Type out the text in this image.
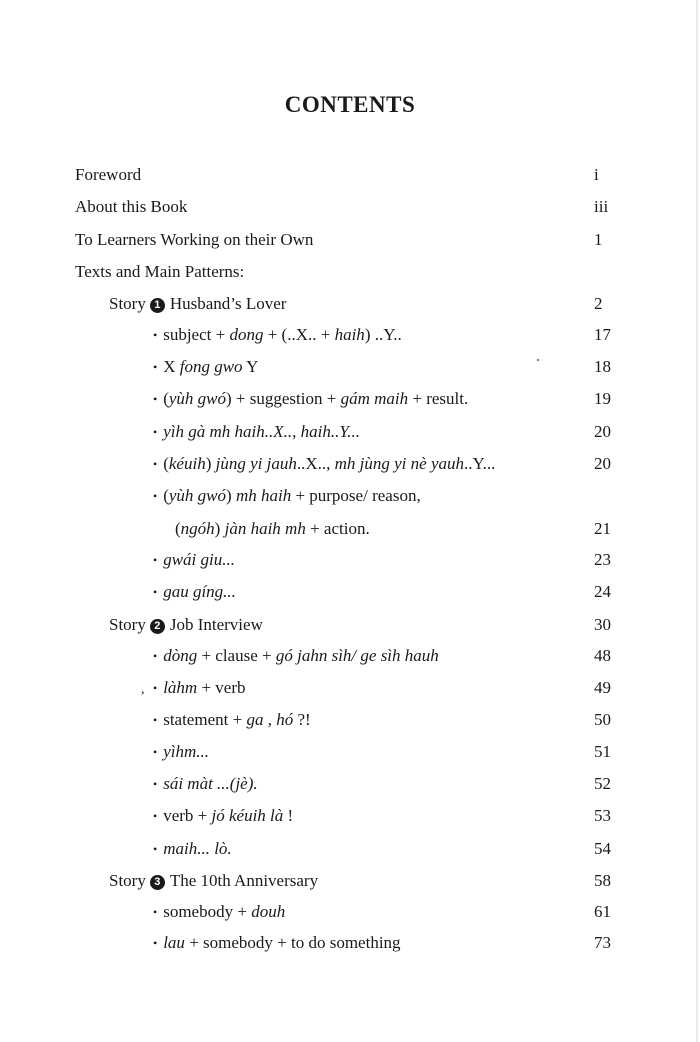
CONTENTS
Foreword	i
About this Book	iii
To Learners Working on their Own	1
Texts and Main Patterns:
Story 1 Husband’s Lover	2
• subject + dong + (..X.. + haih) ..Y..	17
• X fong gwo Y	18
• (yùh gwó) + suggestion + gám maih + result.	19
• yìh gà mh haih..X.., haih..Y...	20
• (kéuih) jùng yi jauh..X.., mh jùng yi nè yauh..Y...	20
• (yùh gwó) mh haih + purpose/ reason,
(ngóh) jàn haih mh + action.	21
• gwái giu...	23
• gau gíng...	24
Story 2 Job Interview	30
• dòng + clause + gó jahn sìh/ ge sìh hauh	48
, • làhm + verb	49
• statement + ga , hó ?!	50
• yìhm...	51
• sái màt ...(jè).	52
• verb + jó kéuih là !	53
• maih... lò.	54
Story 3 The 10th Anniversary	58
• somebody + douh	61
• lau + somebody + to do something	73
